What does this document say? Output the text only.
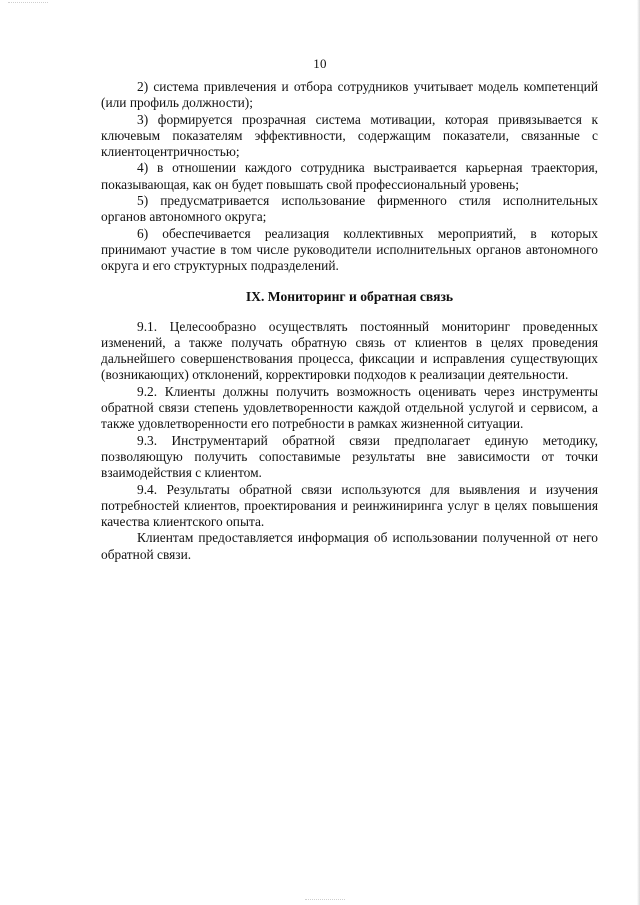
10

2) система привлечения и отбора сотрудников учитывает модель компетенций (или профиль должности);

3) формируется прозрачная система мотивации, которая привязывается к ключевым показателям эффективности, содержащим показатели, связанные с клиентоцентричностью;

4) в отношении каждого сотрудника выстраивается карьерная траектория, показывающая, как он будет повышать свой профессиональный уровень;

5) предусматривается использование фирменного стиля исполнительных органов автономного округа;

6) обеспечивается реализация коллективных мероприятий, в которых принимают участие в том числе руководители исполнительных органов автономного округа и его структурных подразделений.

IX. Мониторинг и обратная связь

9.1. Целесообразно осуществлять постоянный мониторинг проведенных изменений, а также получать обратную связь от клиентов в целях проведения дальнейшего совершенствования процесса, фиксации и исправления существующих (возникающих) отклонений, корректировки подходов к реализации деятельности.

9.2. Клиенты должны получить возможность оценивать через инструменты обратной связи степень удовлетворенности каждой отдельной услугой и сервисом, а также удовлетворенности его потребности в рамках жизненной ситуации.

9.3. Инструментарий обратной связи предполагает единую методику, позволяющую получить сопоставимые результаты вне зависимости от точки взаимодействия с клиентом.

9.4. Результаты обратной связи используются для выявления и изучения потребностей клиентов, проектирования и реинжиниринга услуг в целях повышения качества клиентского опыта.

Клиентам предоставляется информация об использовании полученной от него обратной связи.
